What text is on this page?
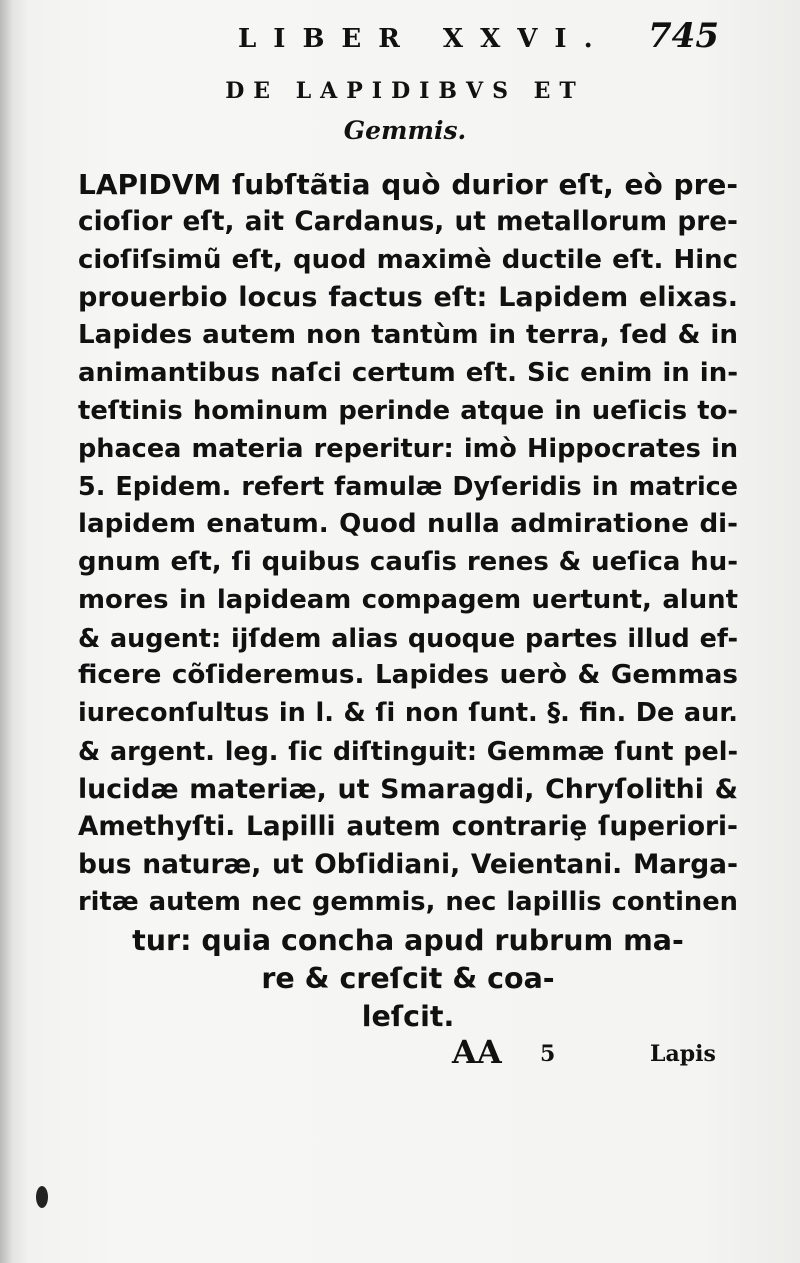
LIBER XXVI. 745
DE LAPIDIBVS ET
Gemmis.
LAPIDVM ſubſtãtia quò durior eſt, eò pre-
cioſior eſt, ait Cardanus, ut metallorum pre-
cioſiſsimũ eſt, quod maximè ductile eſt. Hinc
prouerbio locus factus eſt: Lapidem elixas.
Lapides autem non tantùm in terra, ſed & in
animantibus naſci certum eſt. Sic enim in in-
teſtinis hominum perinde atque in ueſicis to-
phacea materia reperitur: imò Hippocrates in
5. Epidem. refert famulæ Dyſeridis in matrice
lapidem enatum. Quod nulla admiratione di-
gnum eſt, ſi quibus cauſis renes & ueſica hu-
mores in lapideam compagem uertunt, alunt
& augent: ijſdem alias quoque partes illud ef-
ficere cõſideremus. Lapides uerò & Gemmas
iureconſultus in l. & ſi non ſunt. §. fin. De aur.
& argent. leg. ſic diſtinguit: Gemmæ ſunt pel-
lucidæ materiæ, ut Smaragdi, Chryſolithi &
Amethyſti. Lapilli autem contrariȩ ſuperiori-
bus naturæ, ut Obſidiani, Veientani. Marga-
ritæ autem nec gemmis, nec lapillis continen
tur: quia concha apud rubrum ma-
re & creſcit & coa-
leſcit.
AA 5	Lapis
